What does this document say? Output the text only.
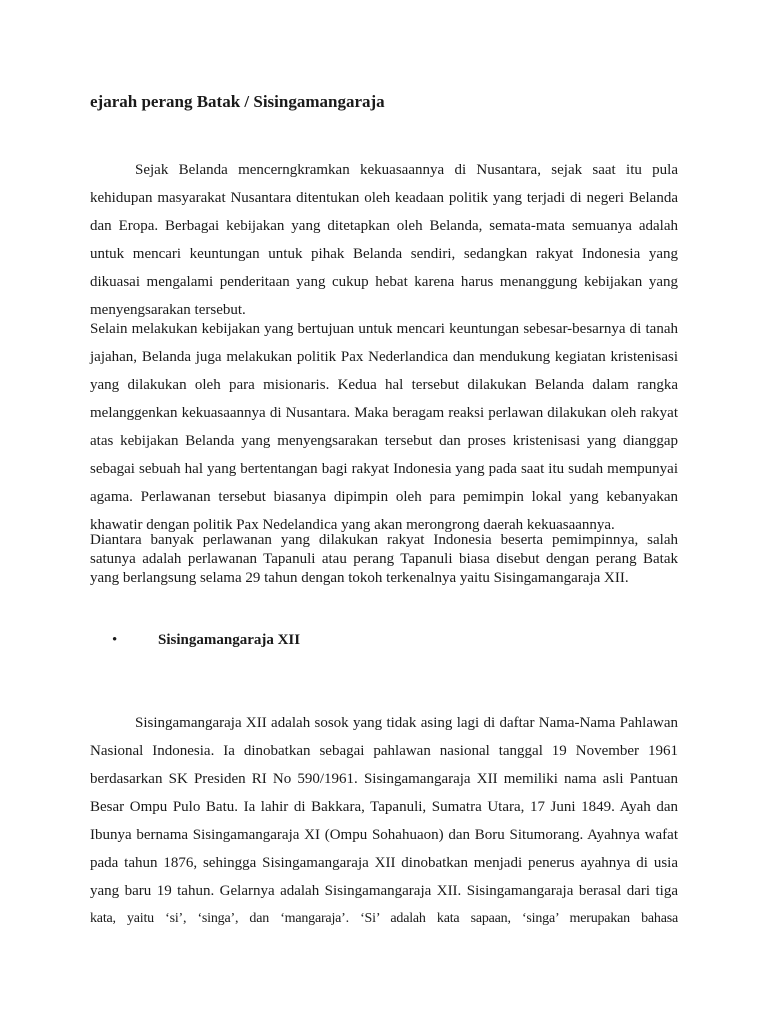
ejarah perang Batak / Sisingamangaraja
Sejak Belanda mencerngkramkan kekuasaannya di Nusantara, sejak saat itu pula
kehidupan masyarakat Nusantara ditentukan oleh keadaan politik yang terjadi di negeri Belanda
dan Eropa. Berbagai kebijakan yang ditetapkan oleh Belanda, semata-mata semuanya adalah
untuk mencari keuntungan untuk pihak Belanda sendiri, sedangkan rakyat Indonesia yang
dikuasai mengalami penderitaan yang cukup hebat karena harus menanggung kebijakan yang
menyengsarakan tersebut.
Selain melakukan kebijakan yang bertujuan untuk mencari keuntungan sebesar-besarnya di tanah
jajahan, Belanda juga melakukan politik Pax Nederlandica dan mendukung kegiatan kristenisasi
yang dilakukan oleh para misionaris. Kedua hal tersebut dilakukan Belanda dalam rangka
melanggenkan kekuasaannya di Nusantara. Maka beragam reaksi perlawan dilakukan oleh rakyat
atas kebijakan Belanda yang menyengsarakan tersebut dan proses kristenisasi yang dianggap
sebagai sebuah hal yang bertentangan bagi rakyat Indonesia yang pada saat itu sudah mempunyai
agama. Perlawanan tersebut biasanya dipimpin oleh para pemimpin lokal yang kebanyakan
khawatir dengan politik Pax Nedelandica yang akan merongrong daerah kekuasaannya.
Diantara banyak perlawanan yang dilakukan rakyat Indonesia beserta pemimpinnya, salah
satunya adalah perlawanan Tapanuli atau perang Tapanuli biasa disebut dengan perang Batak
yang berlangsung selama 29 tahun dengan tokoh terkenalnya yaitu Sisingamangaraja XII.
•	Sisingamangaraja XII
Sisingamangaraja XII adalah sosok yang tidak asing lagi di daftar Nama-Nama Pahlawan
Nasional Indonesia. Ia dinobatkan sebagai pahlawan nasional tanggal 19 November 1961
berdasarkan SK Presiden RI No 590/1961. Sisingamangaraja XII memiliki nama asli Pantuan
Besar Ompu Pulo Batu. Ia lahir di Bakkara, Tapanuli, Sumatra Utara, 17 Juni 1849. Ayah dan
Ibunya bernama Sisingamangaraja XI (Ompu Sohahuaon) dan Boru Situmorang. Ayahnya wafat
pada tahun 1876, sehingga Sisingamangaraja XII dinobatkan menjadi penerus ayahnya di usia
yang baru 19 tahun. Gelarnya adalah Sisingamangaraja XII. Sisingamangaraja berasal dari tiga
kata, yaitu ‘si’, ‘singa’, dan ‘mangaraja’. ‘Si’ adalah kata sapaan, ‘singa’ merupakan bahasa
